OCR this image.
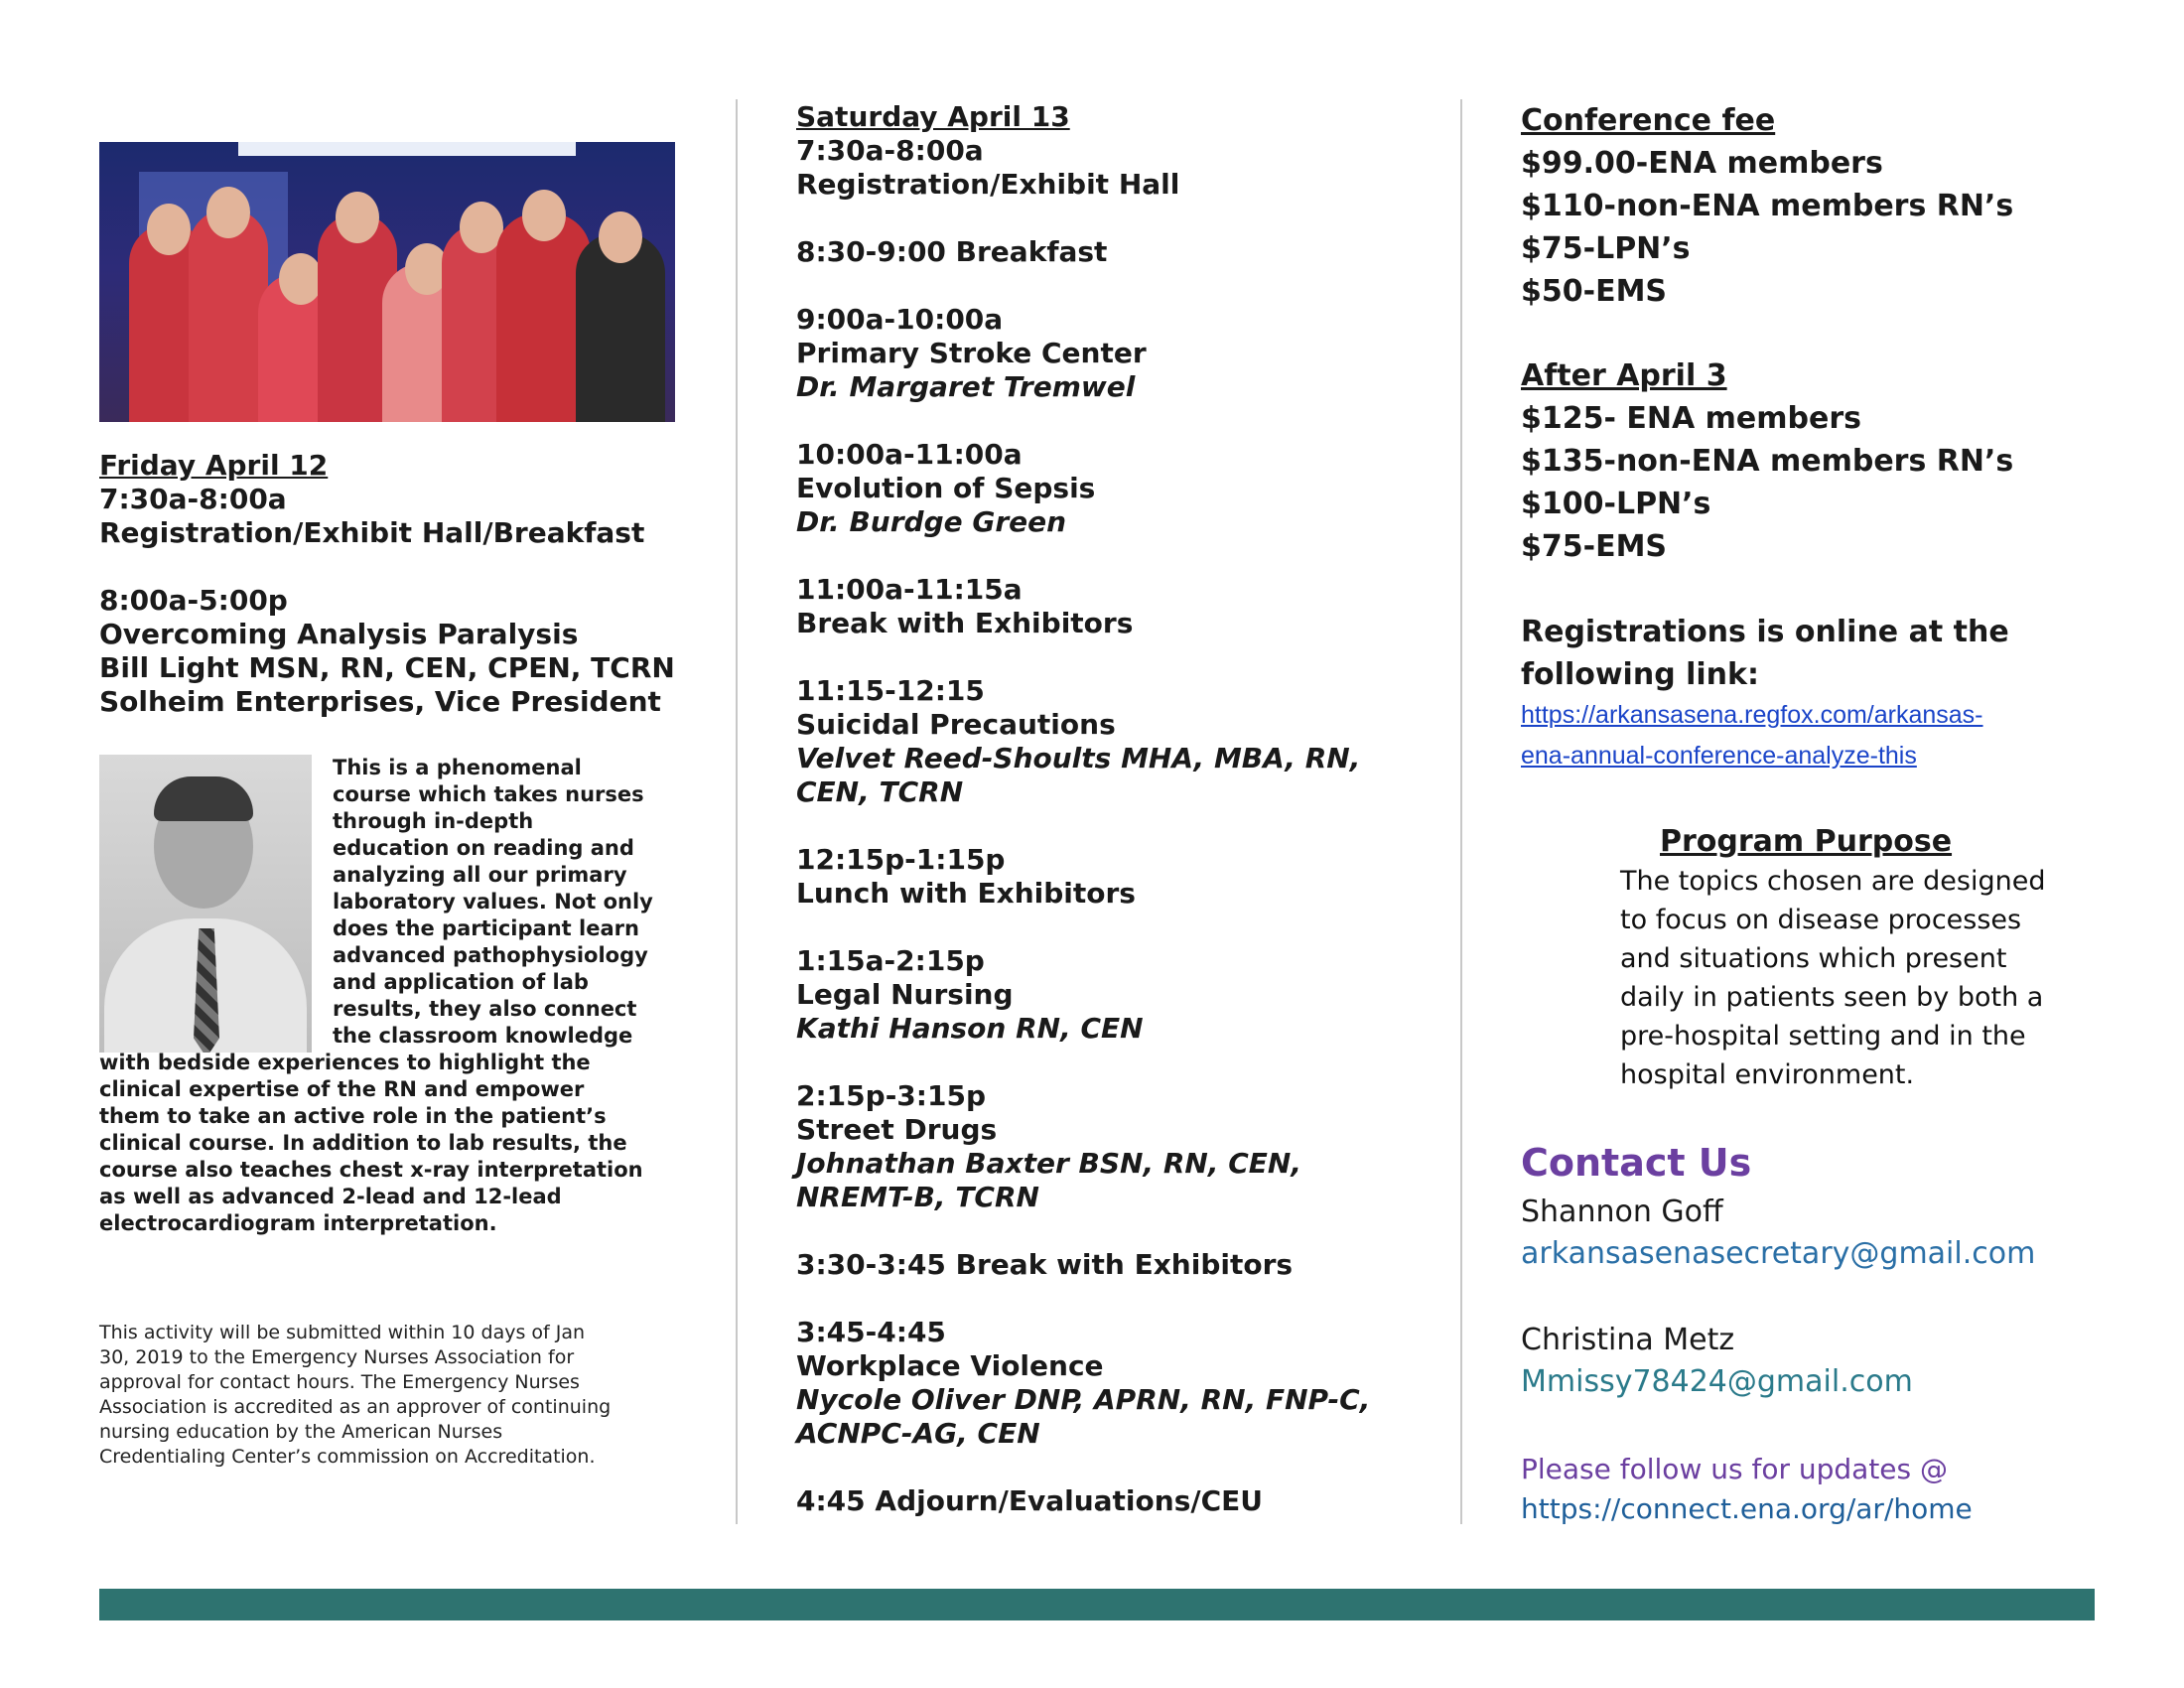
Friday April 12
7:30a-8:00a
Registration/Exhibit Hall/Breakfast
8:00a-5:00p
Overcoming Analysis Paralysis
Bill Light MSN, RN, CEN, CPEN, TCRN
Solheim Enterprises, Vice President
This is a phenomenal
course which takes nurses
through in-depth
education on reading and
analyzing all our primary
laboratory values. Not only
does the participant learn
advanced pathophysiology
and application of lab
results, they also connect
the classroom knowledge
with bedside experiences to highlight the
clinical expertise of the RN and empower
them to take an active role in the patient’s
clinical course. In addition to lab results, the
course also teaches chest x-ray interpretation
as well as advanced 2-lead and 12-lead
electrocardiogram interpretation.
This activity will be submitted within 10 days of Jan
30, 2019 to the Emergency Nurses Association for
approval for contact hours. The Emergency Nurses
Association is accredited as an approver of continuing
nursing education by the American Nurses
Credentialing Center’s commission on Accreditation.
Saturday April 13
7:30a-8:00a
Registration/Exhibit Hall
8:30-9:00 Breakfast
9:00a-10:00a
Primary Stroke Center
Dr. Margaret Tremwel
10:00a-11:00a
Evolution of Sepsis
Dr. Burdge Green
11:00a-11:15a
Break with Exhibitors
11:15-12:15
Suicidal Precautions
Velvet Reed-Shoults MHA, MBA, RN,
CEN, TCRN
12:15p-1:15p
Lunch with Exhibitors
1:15a-2:15p
Legal Nursing
Kathi Hanson RN, CEN
2:15p-3:15p
Street Drugs
Johnathan Baxter BSN, RN, CEN,
NREMT-B, TCRN
3:30-3:45 Break with Exhibitors
3:45-4:45
Workplace Violence
Nycole Oliver DNP, APRN, RN, FNP-C,
ACNPC-AG, CEN
4:45 Adjourn/Evaluations/CEU
Conference fee
$99.00-ENA members
$110-non-ENA members RN’s
$75-LPN’s
$50-EMS
After April 3
$125- ENA members
$135-non-ENA members RN’s
$100-LPN’s
$75-EMS
Registrations is online at the
following link:
https://arkansasena.regfox.com/arkansas-
ena-annual-conference-analyze-this
Program Purpose
The topics chosen are designed
to focus on disease processes
and situations which present
daily in patients seen by both a
pre-hospital setting and in the
hospital environment.
Contact Us
Shannon Goff
arkansasenasecretary@gmail.com
Christina Metz
Mmissy78424@gmail.com
Please follow us for updates @
https://connect.ena.org/ar/home
